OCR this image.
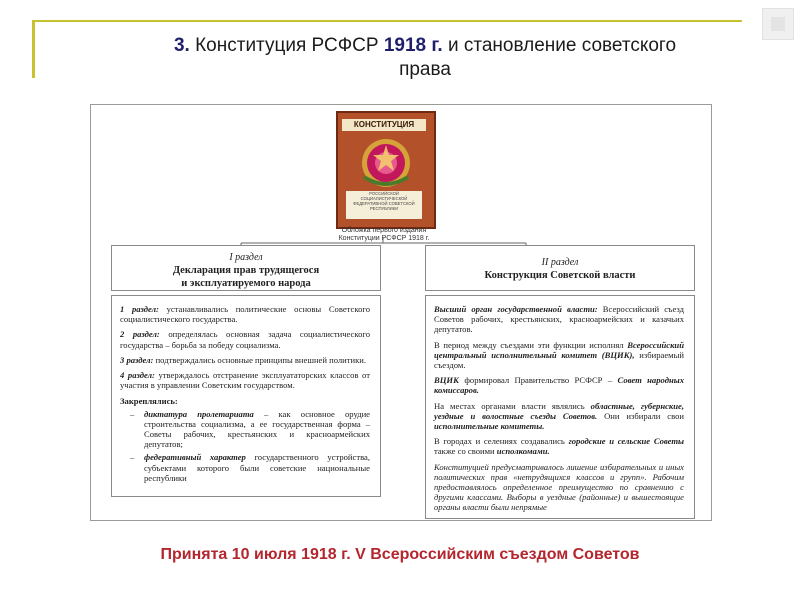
3. Конституция РСФСР 1918 г. и становление советского
права
КОНСТИТУЦИЯ
РОССИЙСКОЙ СОЦИАЛИСТИЧЕСКОЙ ФЕДЕРАТИВНОЙ СОВЕТСКОЙ РЕСПУБЛИКИ
Обложка первого издания
Конституции РСФСР 1918 г.
I раздел
Декларация прав трудящегося
и эксплуатируемого народа

1 раздел: устанавливались политические основы Советского социалистического государства.

2 раздел: определялась основная задача социалистического государства – борьба за победу социализма.

3 раздел: подтверждались основные принципы внешней политики.

4 раздел: утверждалось отстранение эксплуататорских классов от участия в управлении Советским государством.

Закреплялись:
– диктатура пролетариата – как основное орудие строительства социализма, а ее государственная форма – Советы рабочих, крестьянских и красноармейских депутатов;
– федеративный характер государственного устройства, субъектами которого были советские национальные республики
II раздел
Конструкция Советской власти

Высший орган государственной власти: Всероссийский съезд Советов рабочих, крестьянских, красноармейских и казачьих депутатов.

В период между съездами эти функции исполнял Всероссийский центральный исполнительный комитет (ВЦИК), избираемый съездом.

ВЦИК формировал Правительство РСФСР – Совет народных комиссаров.

На местах органами власти являлись областные, губернские, уездные и волостные съезды Советов. Они избирали свои исполнительные комитеты.

В городах и селениях создавались городские и сельские Советы также со своими исполкомами.

Конституцией предусматривалось лишение избирательных и иных политических прав «нетрудящихся классов и групп». Рабочим предоставлялось определенное преимущество по сравнению с другими классами. Выборы в уездные (районные) и вышестоящие органы власти были непрямые

Принята 10 июля 1918 г. V Всероссийским съездом Советов
